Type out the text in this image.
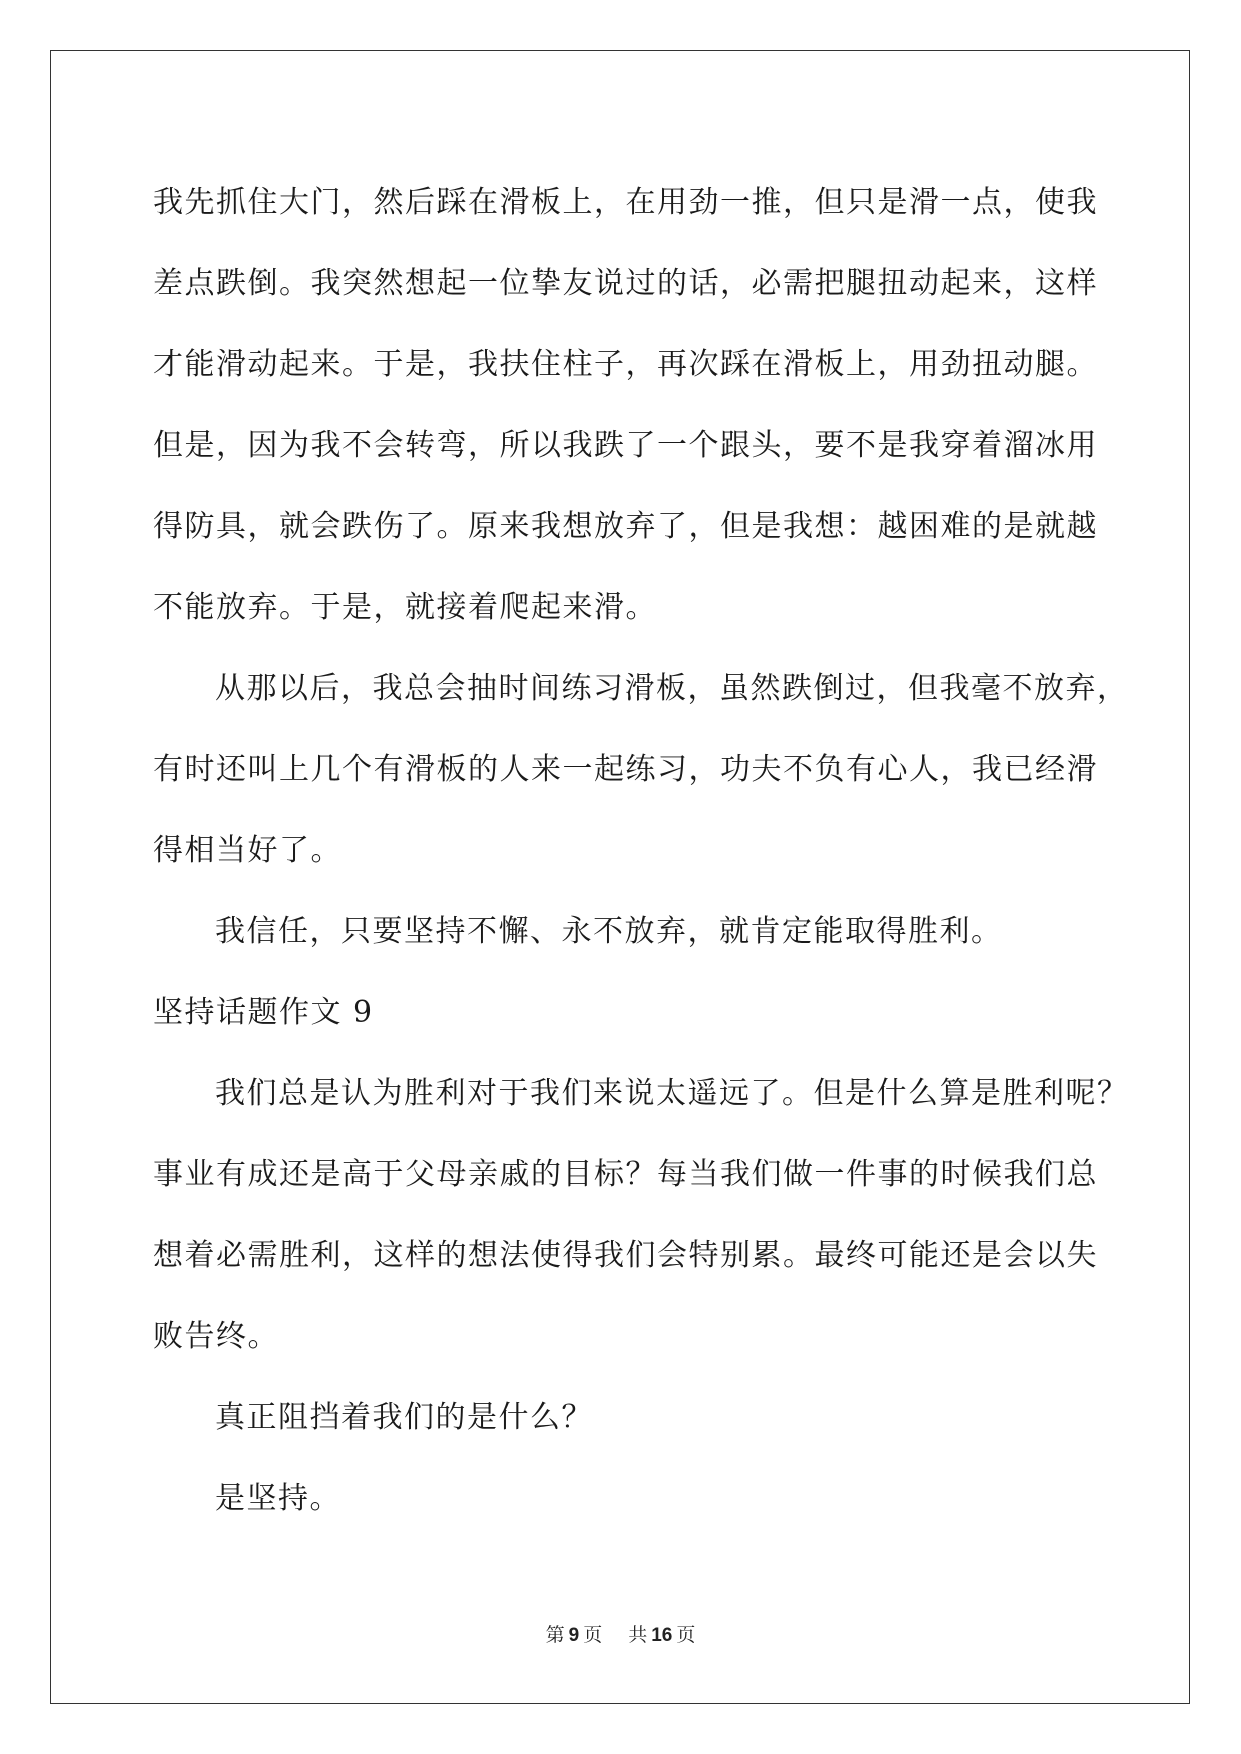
我先抓住大门，然后踩在滑板上，在用劲一推，但只是滑一点，使我
差点跌倒。我突然想起一位挚友说过的话，必需把腿扭动起来，这样
才能滑动起来。于是，我扶住柱子，再次踩在滑板上，用劲扭动腿。
但是，因为我不会转弯，所以我跌了一个跟头，要不是我穿着溜冰用
得防具，就会跌伤了。原来我想放弃了，但是我想：越困难的是就越
不能放弃。于是，就接着爬起来滑。
从那以后，我总会抽时间练习滑板，虽然跌倒过，但我毫不放弃，
有时还叫上几个有滑板的人来一起练习，功夫不负有心人，我已经滑
得相当好了。
我信任，只要坚持不懈、永不放弃，就肯定能取得胜利。
坚持话题作文 9
我们总是认为胜利对于我们来说太遥远了。但是什么算是胜利呢？
事业有成还是高于父母亲戚的目标？每当我们做一件事的时候我们总
想着必需胜利，这样的想法使得我们会特别累。最终可能还是会以失
败告终。
真正阻挡着我们的是什么？
是坚持。
第 9 页 共 16 页
